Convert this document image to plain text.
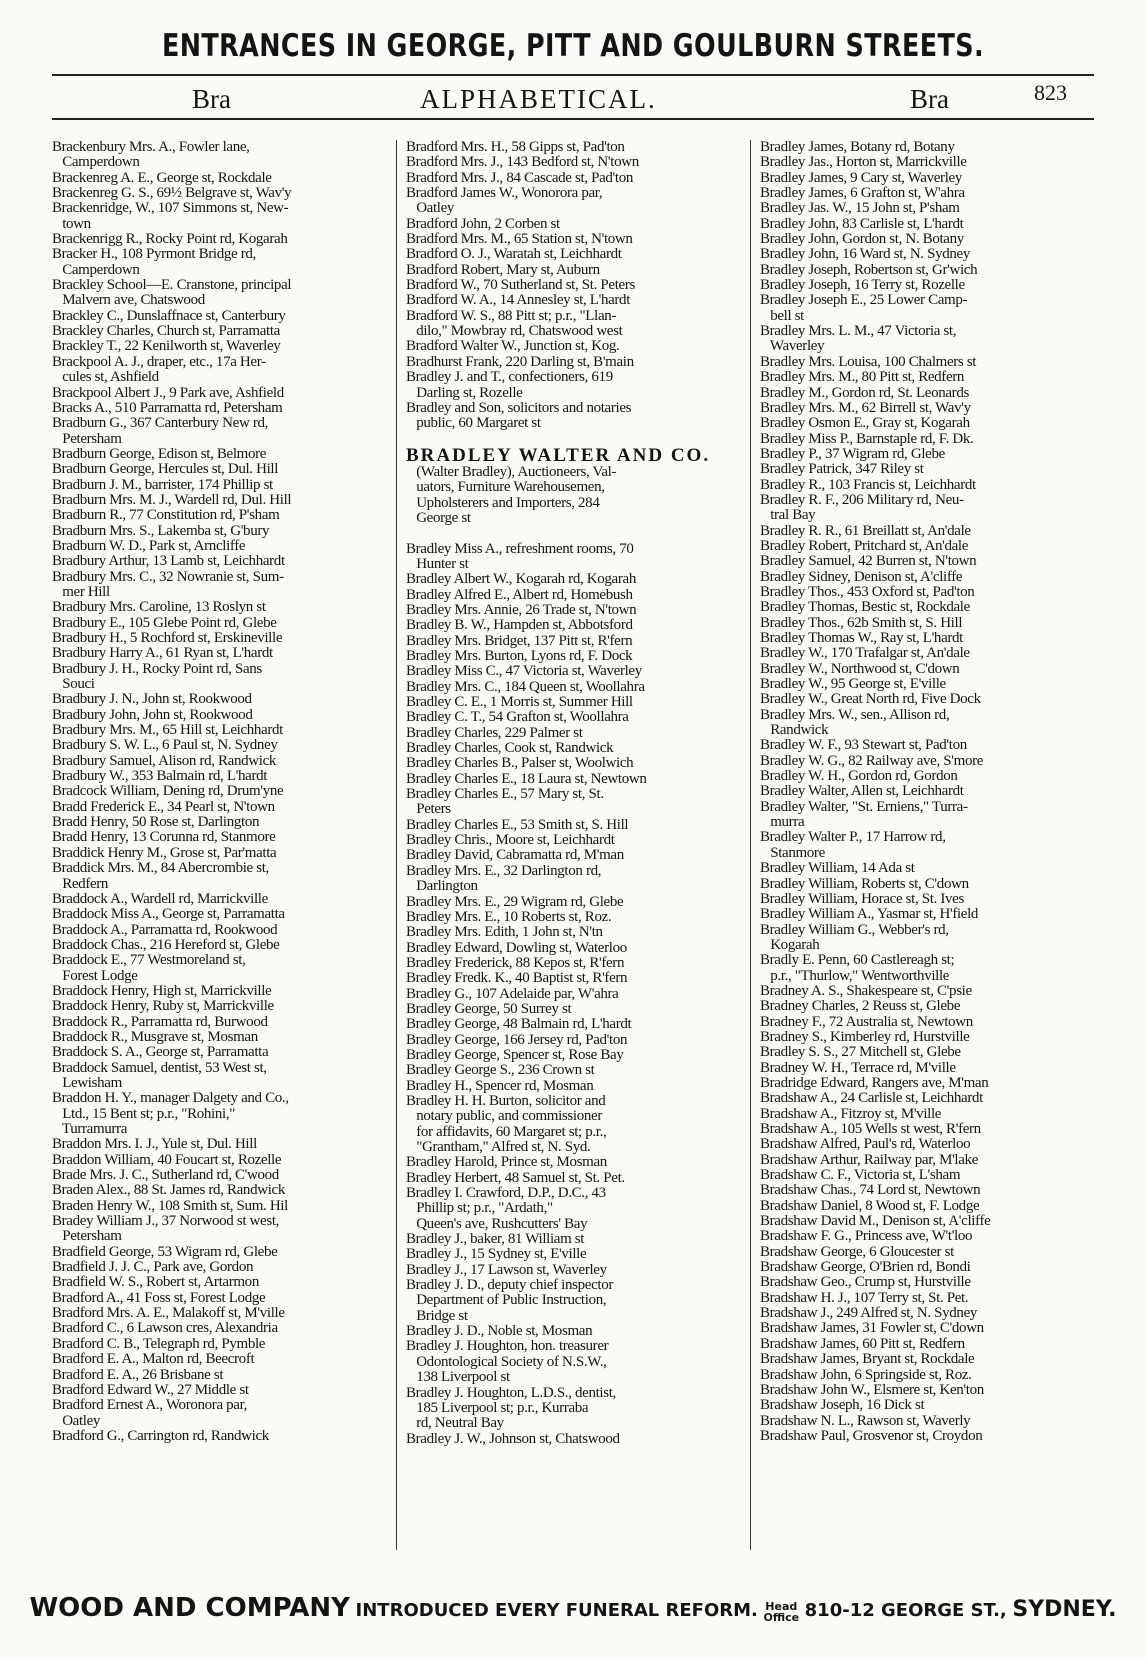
ENTRANCES IN GEORGE, PITT AND GOULBURN STREETS.
Bra	ALPHABETICAL.	Bra	823
Brackenbury Mrs. A., Fowler lane,
Camperdown
Brackenreg A. E., George st, Rockdale
Brackenreg G. S., 69½ Belgrave st, Wav'y
Brackenridge, W., 107 Simmons st, New-
town
Brackenrigg R., Rocky Point rd, Kogarah
Bracker H., 108 Pyrmont Bridge rd,
Camperdown
Brackley School—E. Cranstone, principal
Malvern ave, Chatswood
Brackley C., Dunslaffnace st, Canterbury
Brackley Charles, Church st, Parramatta
Brackley T., 22 Kenilworth st, Waverley
Brackpool A. J., draper, etc., 17a Her-
cules st, Ashfield
Brackpool Albert J., 9 Park ave, Ashfield
Bracks A., 510 Parramatta rd, Petersham
Bradburn G., 367 Canterbury New rd,
Petersham
Bradburn George, Edison st, Belmore
Bradburn George, Hercules st, Dul. Hill
Bradburn J. M., barrister, 174 Phillip st
Bradburn Mrs. M. J., Wardell rd, Dul. Hill
Bradburn R., 77 Constitution rd, P'sham
Bradburn Mrs. S., Lakemba st, G'bury
Bradburn W. D., Park st, Arncliffe
Bradbury Arthur, 13 Lamb st, Leichhardt
Bradbury Mrs. C., 32 Nowranie st, Sum-
mer Hill
Bradbury Mrs. Caroline, 13 Roslyn st
Bradbury E., 105 Glebe Point rd, Glebe
Bradbury H., 5 Rochford st, Erskineville
Bradbury Harry A., 61 Ryan st, L'hardt
Bradbury J. H., Rocky Point rd, Sans
Souci
Bradbury J. N., John st, Rookwood
Bradbury John, John st, Rookwood
Bradbury Mrs. M., 65 Hill st, Leichhardt
Bradbury S. W. L., 6 Paul st, N. Sydney
Bradbury Samuel, Alison rd, Randwick
Bradbury W., 353 Balmain rd, L'hardt
Bradcock William, Dening rd, Drum'yne
Bradd Frederick E., 34 Pearl st, N'town
Bradd Henry, 50 Rose st, Darlington
Bradd Henry, 13 Corunna rd, Stanmore
Braddick Henry M., Grose st, Par'matta
Braddick Mrs. M., 84 Abercrombie st,
Redfern
Braddock A., Wardell rd, Marrickville
Braddock Miss A., George st, Parramatta
Braddock A., Parramatta rd, Rookwood
Braddock Chas., 216 Hereford st, Glebe
Braddock E., 77 Westmoreland st,
Forest Lodge
Braddock Henry, High st, Marrickville
Braddock Henry, Ruby st, Marrickville
Braddock R., Parramatta rd, Burwood
Braddock R., Musgrave st, Mosman
Braddock S. A., George st, Parramatta
Braddock Samuel, dentist, 53 West st,
Lewisham
Braddon H. Y., manager Dalgety and Co.,
Ltd., 15 Bent st; p.r., "Rohini,"
Turramurra
Braddon Mrs. I. J., Yule st, Dul. Hill
Braddon William, 40 Foucart st, Rozelle
Brade Mrs. J. C., Sutherland rd, C'wood
Braden Alex., 88 St. James rd, Randwick
Braden Henry W., 108 Smith st, Sum. Hil
Bradey William J., 37 Norwood st west,
Petersham
Bradfield George, 53 Wigram rd, Glebe
Bradfield J. J. C., Park ave, Gordon
Bradfield W. S., Robert st, Artarmon
Bradford A., 41 Foss st, Forest Lodge
Bradford Mrs. A. E., Malakoff st, M'ville
Bradford C., 6 Lawson cres, Alexandria
Bradford C. B., Telegraph rd, Pymble
Bradford E. A., Malton rd, Beecroft
Bradford E. A., 26 Brisbane st
Bradford Edward W., 27 Middle st
Bradford Ernest A., Woronora par,
Oatley
Bradford G., Carrington rd, Randwick
Bradford Mrs. H., 58 Gipps st, Pad'ton
Bradford Mrs. J., 143 Bedford st, N'town
Bradford Mrs. J., 84 Cascade st, Pad'ton
Bradford James W., Wonorora par,
Oatley
Bradford John, 2 Corben st
Bradford Mrs. M., 65 Station st, N'town
Bradford O. J., Waratah st, Leichhardt
Bradford Robert, Mary st, Auburn
Bradford W., 70 Sutherland st, St. Peters
Bradford W. A., 14 Annesley st, L'hardt
Bradford W. S., 88 Pitt st; p.r., "Llan-
dilo," Mowbray rd, Chatswood west
Bradford Walter W., Junction st, Kog.
Bradhurst Frank, 220 Darling st, B'main
Bradley J. and T., confectioners, 619
Darling st, Rozelle
Bradley and Son, solicitors and notaries
public, 60 Margaret st

BRADLEY WALTER AND CO.
(Walter Bradley), Auctioneers, Val-
uators, Furniture Warehousemen,
Upholsterers and Importers, 284
George st

Bradley Miss A., refreshment rooms, 70
Hunter st
Bradley Albert W., Kogarah rd, Kogarah
Bradley Alfred E., Albert rd, Homebush
Bradley Mrs. Annie, 26 Trade st, N'town
Bradley B. W., Hampden st, Abbotsford
Bradley Mrs. Bridget, 137 Pitt st, R'fern
Bradley Mrs. Burton, Lyons rd, F. Dock
Bradley Miss C., 47 Victoria st, Waverley
Bradley Mrs. C., 184 Queen st, Woollahra
Bradley C. E., 1 Morris st, Summer Hill
Bradley C. T., 54 Grafton st, Woollahra
Bradley Charles, 229 Palmer st
Bradley Charles, Cook st, Randwick
Bradley Charles B., Palser st, Woolwich
Bradley Charles E., 18 Laura st, Newtown
Bradley Charles E., 57 Mary st, St.
Peters
Bradley Charles E., 53 Smith st, S. Hill
Bradley Chris., Moore st, Leichhardt
Bradley David, Cabramatta rd, M'man
Bradley Mrs. E., 32 Darlington rd,
Darlington
Bradley Mrs. E., 29 Wigram rd, Glebe
Bradley Mrs. E., 10 Roberts st, Roz.
Bradley Mrs. Edith, 1 John st, N'tn
Bradley Edward, Dowling st, Waterloo
Bradley Frederick, 88 Kepos st, R'fern
Bradley Fredk. K., 40 Baptist st, R'fern
Bradley G., 107 Adelaide par, W'ahra
Bradley George, 50 Surrey st
Bradley George, 48 Balmain rd, L'hardt
Bradley George, 166 Jersey rd, Pad'ton
Bradley George, Spencer st, Rose Bay
Bradley George S., 236 Crown st
Bradley H., Spencer rd, Mosman
Bradley H. H. Burton, solicitor and
notary public, and commissioner
for affidavits, 60 Margaret st; p.r.,
"Grantham," Alfred st, N. Syd.
Bradley Harold, Prince st, Mosman
Bradley Herbert, 48 Samuel st, St. Pet.
Bradley I. Crawford, D.P., D.C., 43
Phillip st; p.r., "Ardath,"
Queen's ave, Rushcutters' Bay
Bradley J., baker, 81 William st
Bradley J., 15 Sydney st, E'ville
Bradley J., 17 Lawson st, Waverley
Bradley J. D., deputy chief inspector
Department of Public Instruction,
Bridge st
Bradley J. D., Noble st, Mosman
Bradley J. Houghton, hon. treasurer
Odontological Society of N.S.W.,
138 Liverpool st
Bradley J. Houghton, L.D.S., dentist,
185 Liverpool st; p.r., Kurraba
rd, Neutral Bay
Bradley J. W., Johnson st, Chatswood
Bradley James, Botany rd, Botany
Bradley Jas., Horton st, Marrickville
Bradley James, 9 Cary st, Waverley
Bradley James, 6 Grafton st, W'ahra
Bradley Jas. W., 15 John st, P'sham
Bradley John, 83 Carlisle st, L'hardt
Bradley John, Gordon st, N. Botany
Bradley John, 16 Ward st, N. Sydney
Bradley Joseph, Robertson st, Gr'wich
Bradley Joseph, 16 Terry st, Rozelle
Bradley Joseph E., 25 Lower Camp-
bell st
Bradley Mrs. L. M., 47 Victoria st,
Waverley
Bradley Mrs. Louisa, 100 Chalmers st
Bradley Mrs. M., 80 Pitt st, Redfern
Bradley M., Gordon rd, St. Leonards
Bradley Mrs. M., 62 Birrell st, Wav'y
Bradley Osmon E., Gray st, Kogarah
Bradley Miss P., Barnstaple rd, F. Dk.
Bradley P., 37 Wigram rd, Glebe
Bradley Patrick, 347 Riley st
Bradley R., 103 Francis st, Leichhardt
Bradley R. F., 206 Military rd, Neu-
tral Bay
Bradley R. R., 61 Breillatt st, An'dale
Bradley Robert, Pritchard st, An'dale
Bradley Samuel, 42 Burren st, N'town
Bradley Sidney, Denison st, A'cliffe
Bradley Thos., 453 Oxford st, Pad'ton
Bradley Thomas, Bestic st, Rockdale
Bradley Thos., 62b Smith st, S. Hill
Bradley Thomas W., Ray st, L'hardt
Bradley W., 170 Trafalgar st, An'dale
Bradley W., Northwood st, C'down
Bradley W., 95 George st, E'ville
Bradley W., Great North rd, Five Dock
Bradley Mrs. W., sen., Allison rd,
Randwick
Bradley W. F., 93 Stewart st, Pad'ton
Bradley W. G., 82 Railway ave, S'more
Bradley W. H., Gordon rd, Gordon
Bradley Walter, Allen st, Leichhardt
Bradley Walter, "St. Erniens," Turra-
murra
Bradley Walter P., 17 Harrow rd,
Stanmore
Bradley William, 14 Ada st
Bradley William, Roberts st, C'down
Bradley William, Horace st, St. Ives
Bradley William A., Yasmar st, H'field
Bradley William G., Webber's rd,
Kogarah
Bradly E. Penn, 60 Castlereagh st;
p.r., "Thurlow," Wentworthville
Bradney A. S., Shakespeare st, C'psie
Bradney Charles, 2 Reuss st, Glebe
Bradney F., 72 Australia st, Newtown
Bradney S., Kimberley rd, Hurstville
Bradley S. S., 27 Mitchell st, Glebe
Bradney W. H., Terrace rd, M'ville
Bradridge Edward, Rangers ave, M'man
Bradshaw A., 24 Carlisle st, Leichhardt
Bradshaw A., Fitzroy st, M'ville
Bradshaw A., 105 Wells st west, R'fern
Bradshaw Alfred, Paul's rd, Waterloo
Bradshaw Arthur, Railway par, M'lake
Bradshaw C. F., Victoria st, L'sham
Bradshaw Chas., 74 Lord st, Newtown
Bradshaw Daniel, 8 Wood st, F. Lodge
Bradshaw David M., Denison st, A'cliffe
Bradshaw F. G., Princess ave, W't'loo
Bradshaw George, 6 Gloucester st
Bradshaw George, O'Brien rd, Bondi
Bradshaw Geo., Crump st, Hurstville
Bradshaw H. J., 107 Terry st, St. Pet.
Bradshaw J., 249 Alfred st, N. Sydney
Bradshaw James, 31 Fowler st, C'down
Bradshaw James, 60 Pitt st, Redfern
Bradshaw James, Bryant st, Rockdale
Bradshaw John, 6 Springside st, Roz.
Bradshaw John W., Elsmere st, Ken'ton
Bradshaw Joseph, 16 Dick st
Bradshaw N. L., Rawson st, Waverly
Bradshaw Paul, Grosvenor st, Croydon
WOOD AND COMPANY INTRODUCED EVERY FUNERAL REFORM. Head
Office 810-12 GEORGE ST., SYDNEY.
